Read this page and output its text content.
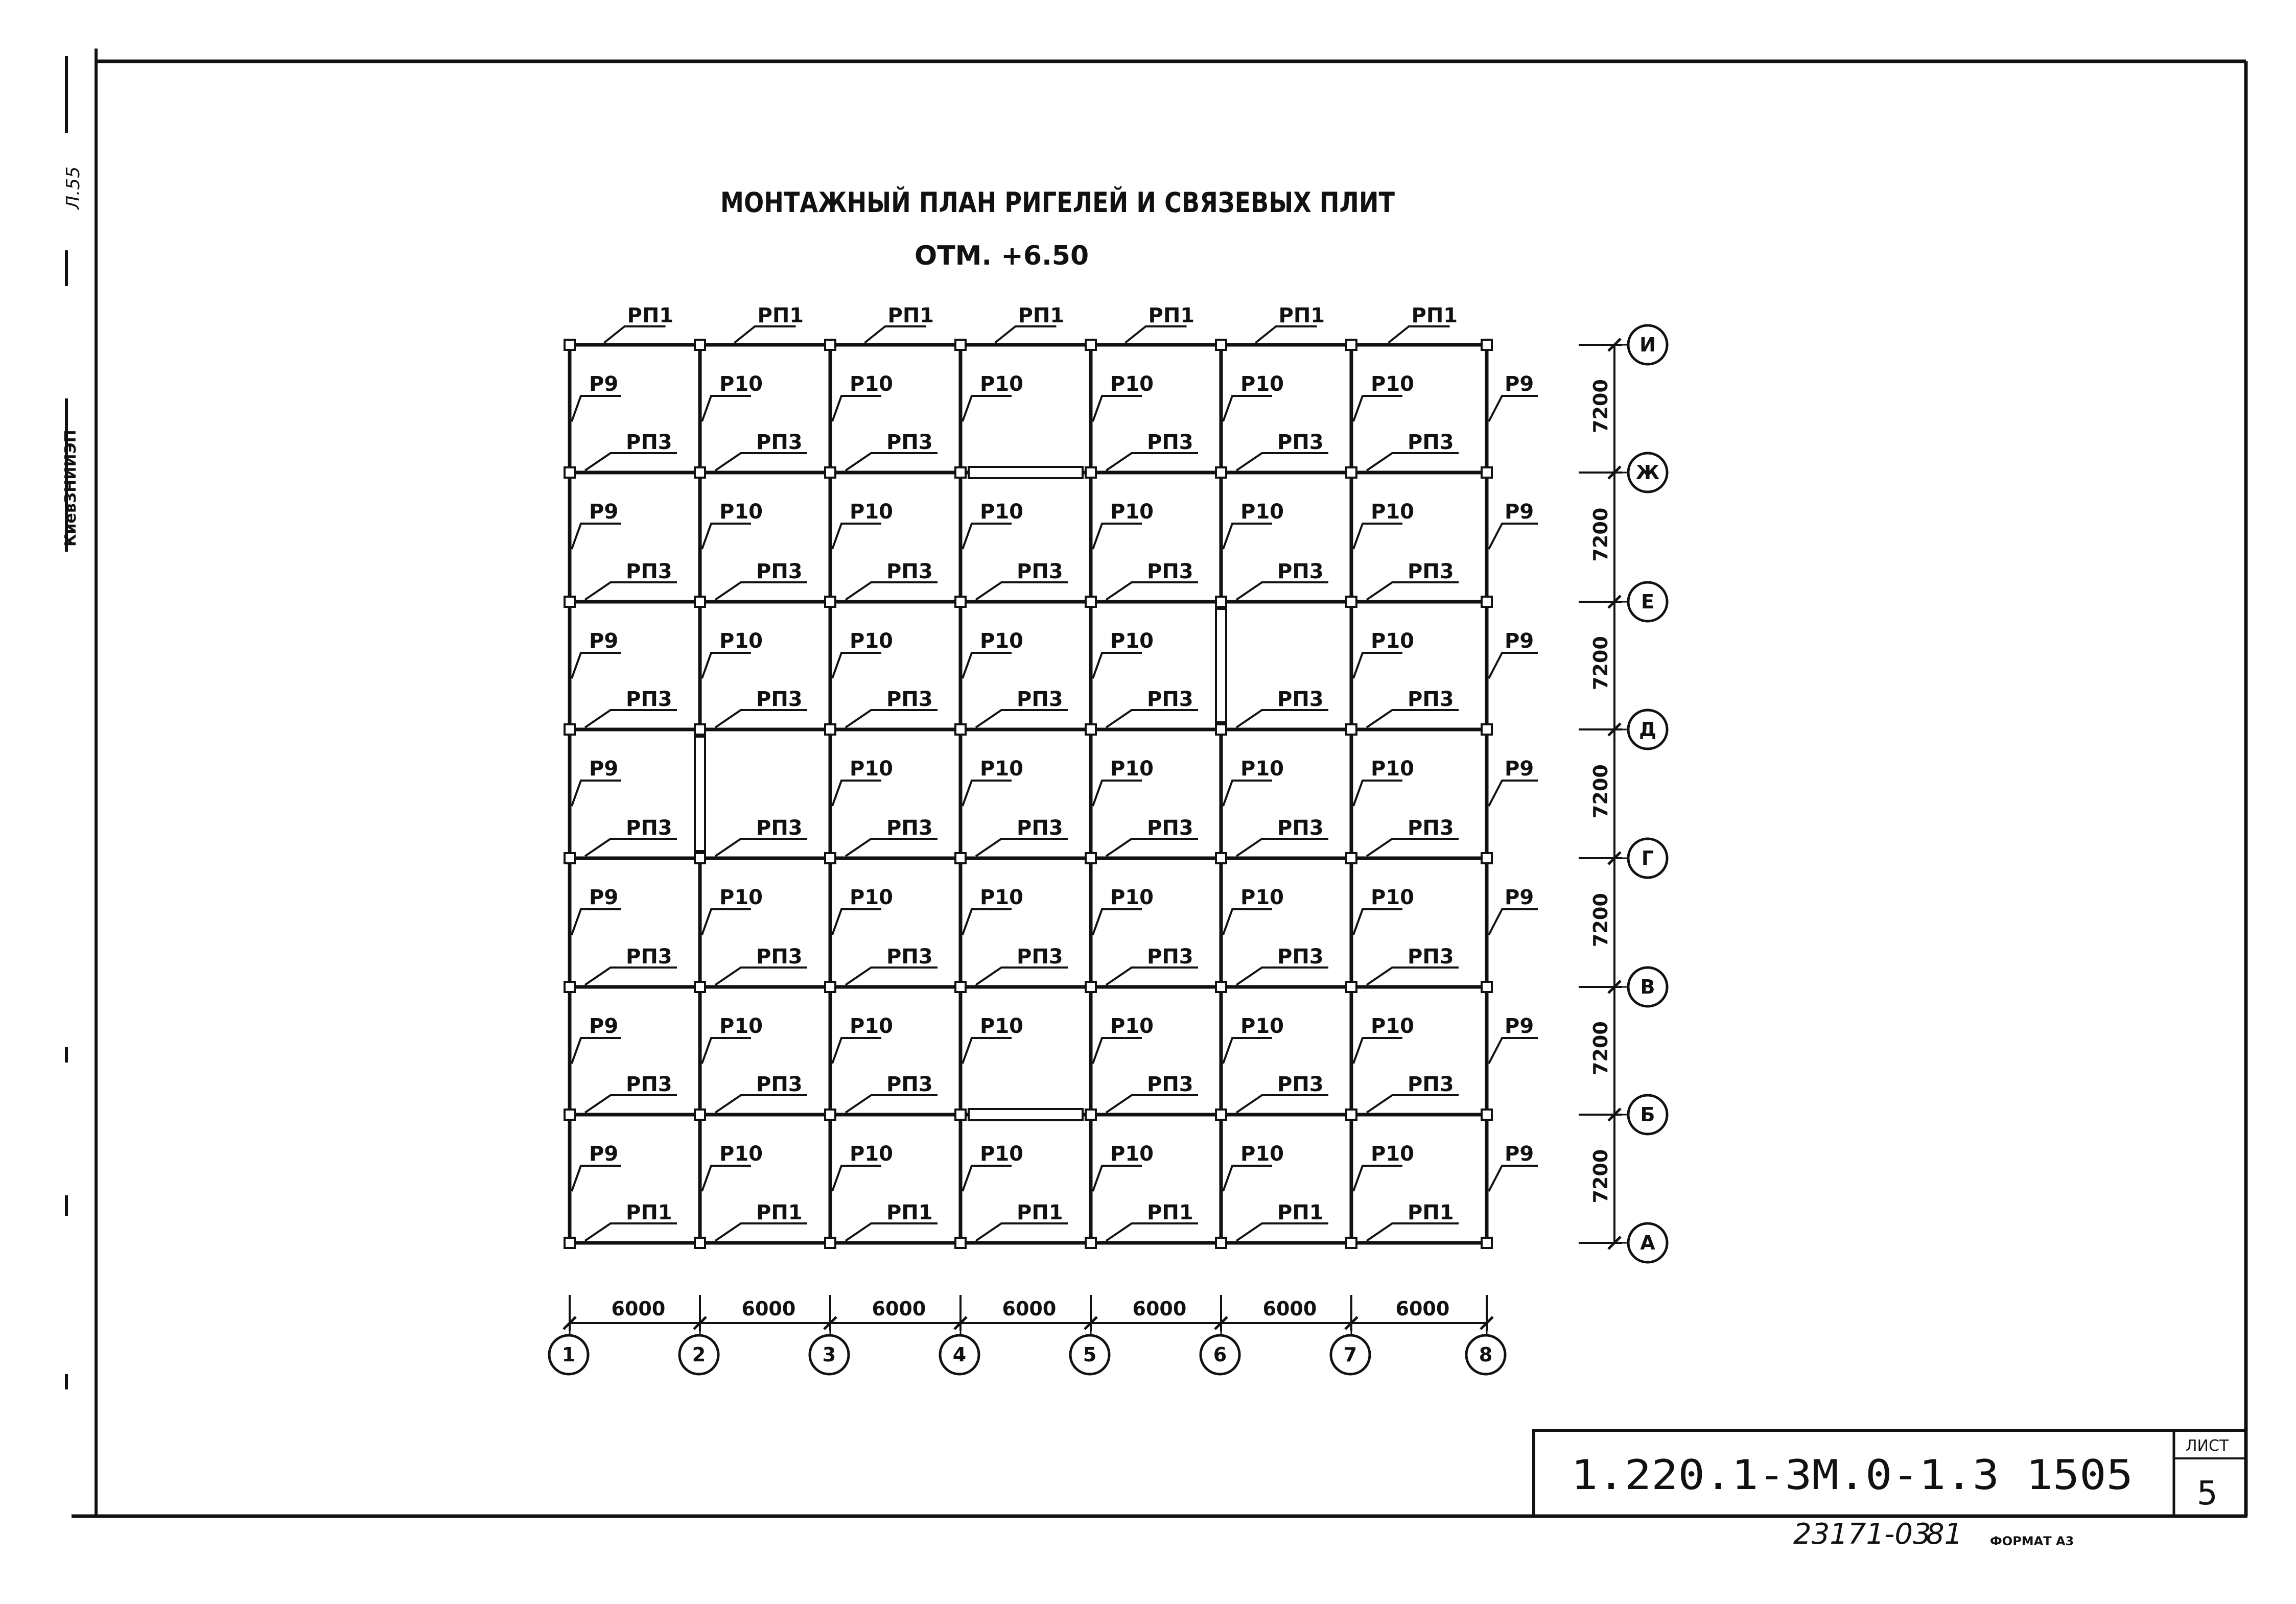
КиевЗНИИЭП
Л.55	МОНТАЖНЫЙ ПЛАН РИГЕЛЕЙ И СВЯЗЕВЫХ ПЛИТ
ОТМ. +6.50
РП1	РП1	РП1	РП1	РП1	РП1	РП1
Р9	Р10	Р10	Р10	Р10	Р10	Р10	Р9
Р9	Р10	Р10	Р10	Р10	Р10	Р10	Р9
Р9	Р10	Р10	Р10	Р10	Р10	Р9
Р9	Р10	Р10	Р10	Р10	Р10	Р9
Р9	Р10	Р10	Р10	Р10	Р10	Р10	Р9
Р9	Р10	Р10	Р10	Р10	Р10	Р10	Р9
Р9	Р10	Р10	Р10	Р10	Р10	Р10	Р9
РП3	РП3	РП3	РП3	РП3	РП3
РП3	РП3	РП3	РП3	РП3	РП3	РП3
РП3	РП3	РП3	РП3	РП3	РП3	РП3
РП3	РП3	РП3	РП3	РП3	РП3	РП3
РП3	РП3	РП3	РП3	РП3	РП3	РП3
РП3	РП3	РП3	РП3	РП3	РП3
РП1	РП1	РП1	РП1	РП1	РП1	РП1
6000	6000	6000	6000	6000	6000	6000
7200
7200
7200
7200
7200
7200
7200
1	2	3	4	5	6	7	8
И
Ж
Е
Д
Г
В
Б
А
1.220.1-3М.0-1.3 1505
ЛИСТ
5
23171-03
81 ФОРМАТ А3
